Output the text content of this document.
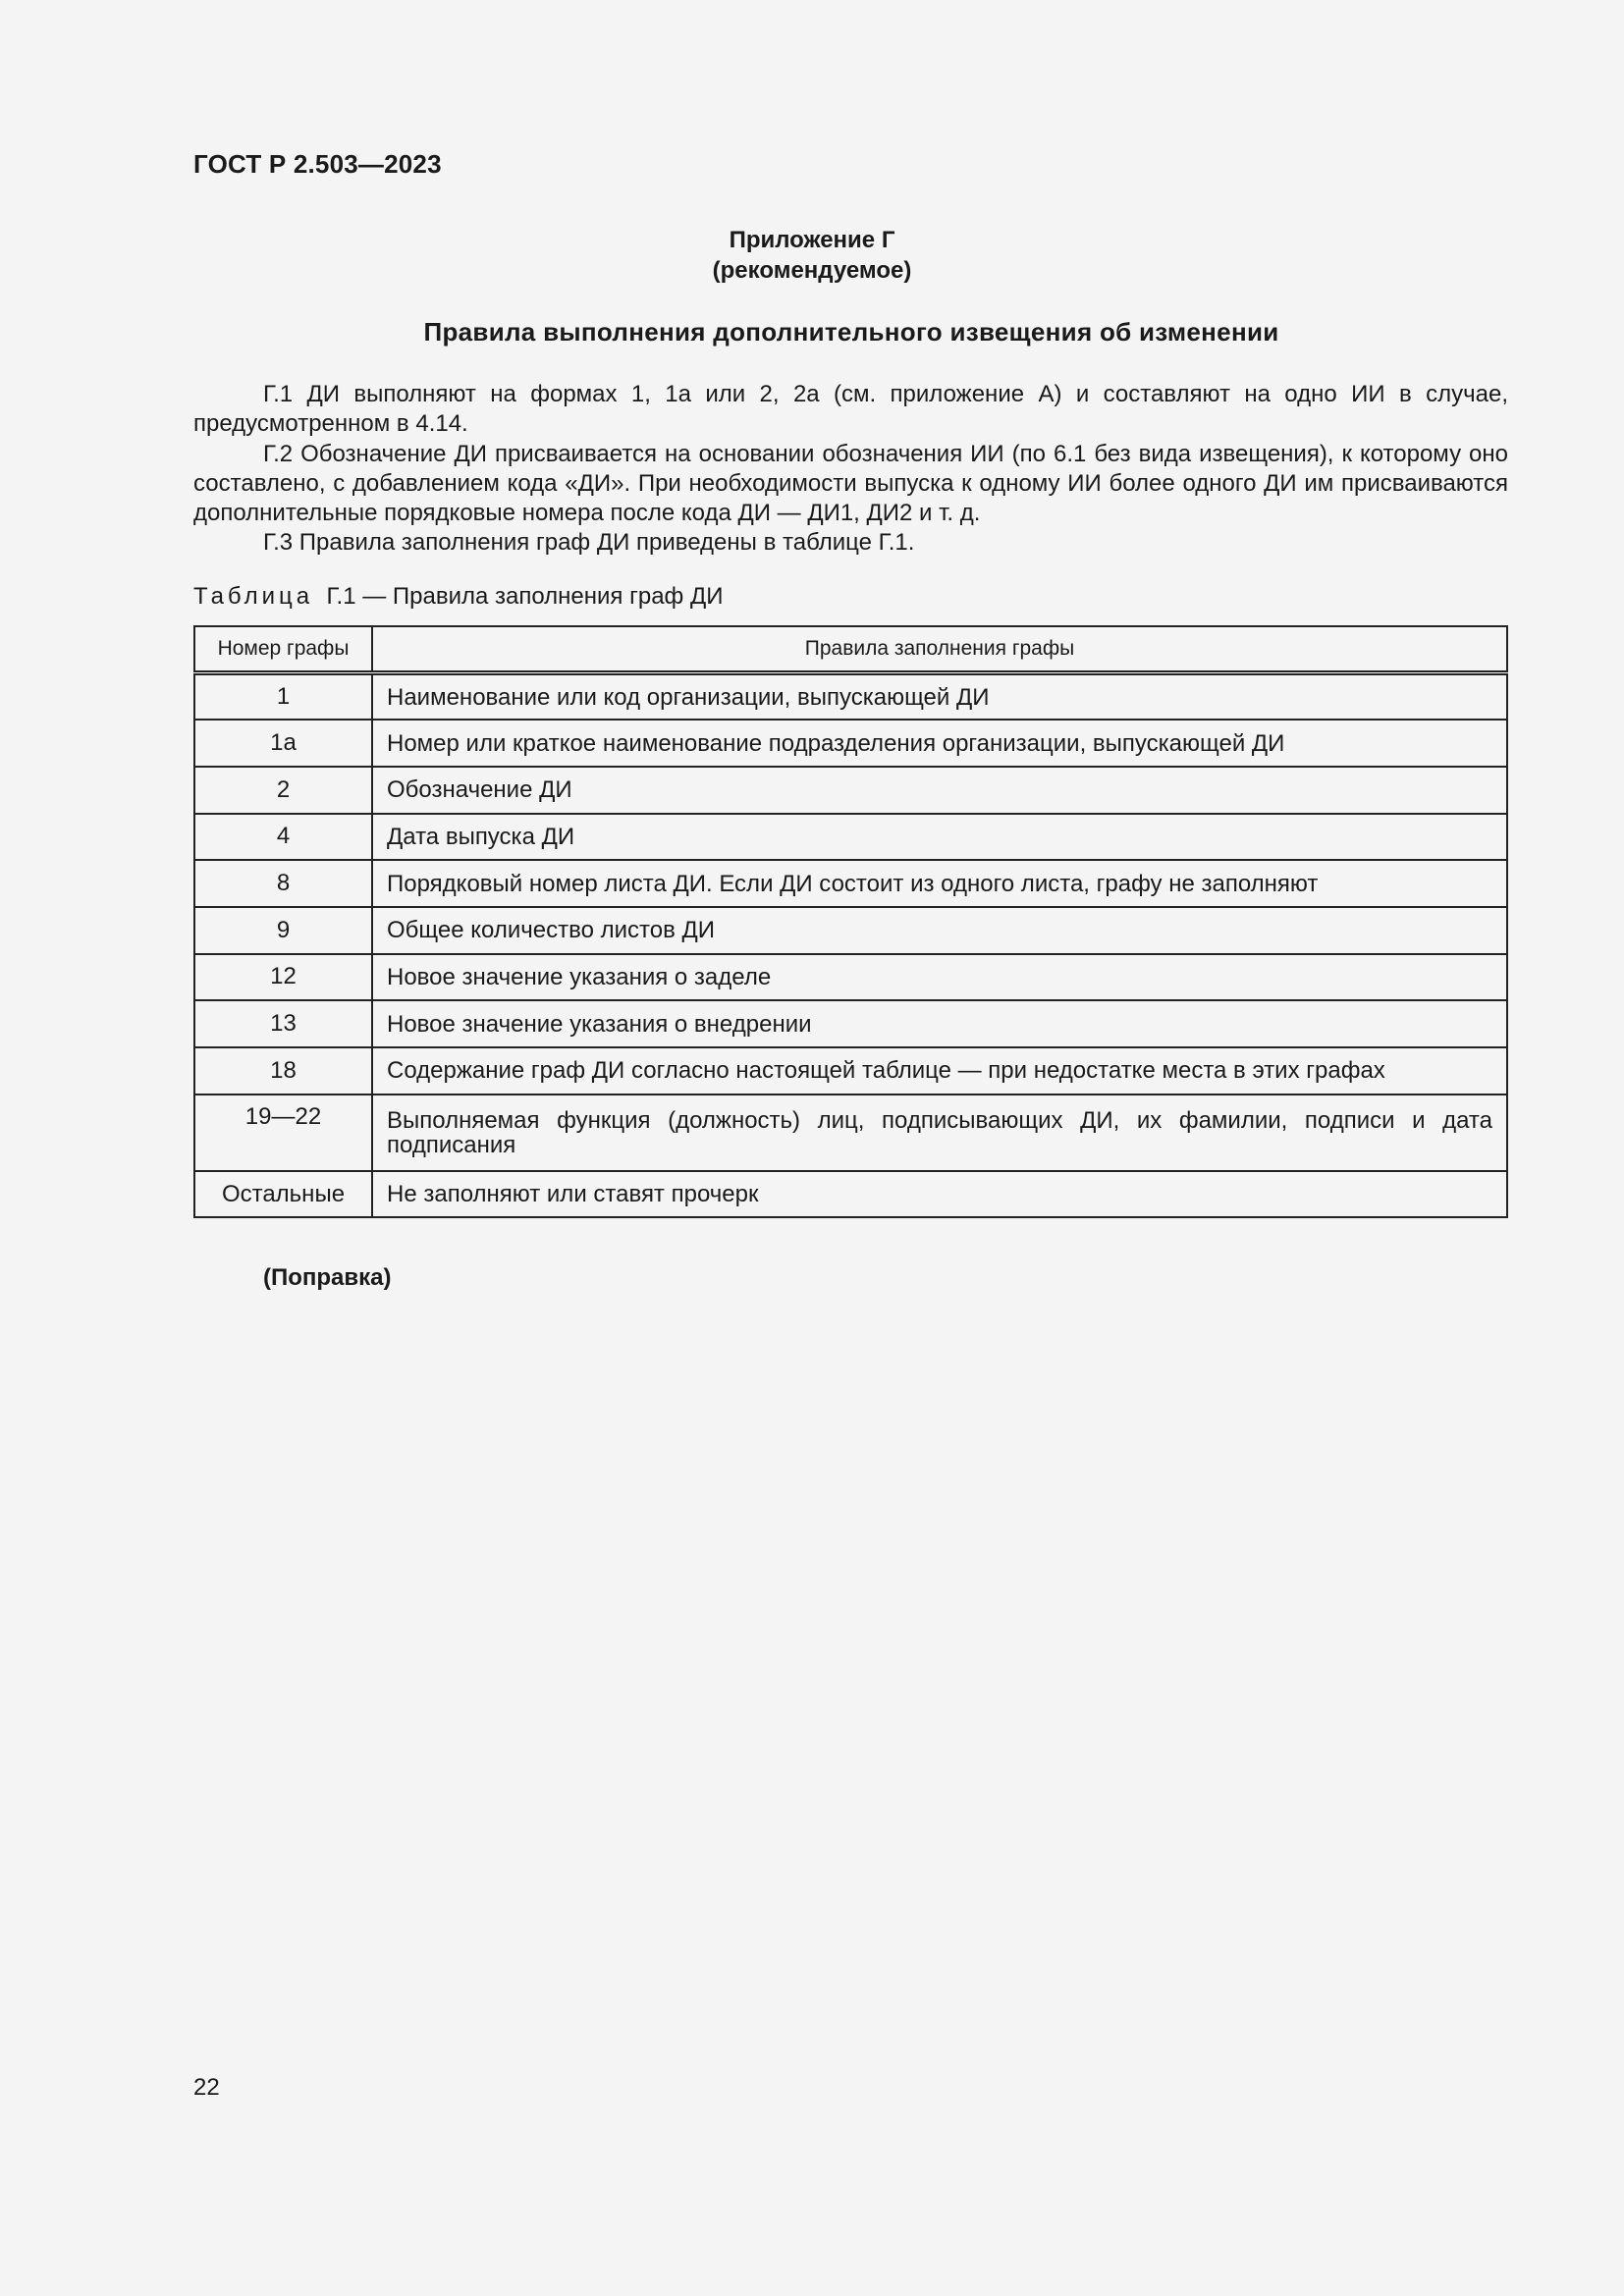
ГОСТ Р 2.503—2023
Приложение Г
(рекомендуемое)
Правила выполнения дополнительного извещения об изменении

Г.1 ДИ выполняют на формах 1, 1а или 2, 2а (см. приложение А) и составляют на одно ИИ в случае, предусмотренном в 4.14.

Г.2 Обозначение ДИ присваивается на основании обозначения ИИ (по 6.1 без вида извещения), к которому оно составлено, с добавлением кода «ДИ». При необходимости выпуска к одному ИИ более одного ДИ им присваиваются дополнительные порядковые номера после кода ДИ — ДИ1, ДИ2 и т. д.

Г.3 Правила заполнения граф ДИ приведены в таблице Г.1.

Таблица Г.1 — Правила заполнения граф ДИ
Номер графы	Правила заполнения графы
1	Наименование или код организации, выпускающей ДИ
1а	Номер или краткое наименование подразделения организации, выпускающей ДИ
2	Обозначение ДИ
4	Дата выпуска ДИ
8	Порядковый номер листа ДИ. Если ДИ состоит из одного листа, графу не заполняют
9	Общее количество листов ДИ
12	Новое значение указания о заделе
13	Новое значение указания о внедрении
18	Содержание граф ДИ согласно настоящей таблице — при недостатке места в этих графах
19—22	Выполняемая функция (должность) лиц, подписывающих ДИ, их фамилии, подписи и дата подписания
Остальные	Не заполняют или ставят прочерк
(Поправка)
22
